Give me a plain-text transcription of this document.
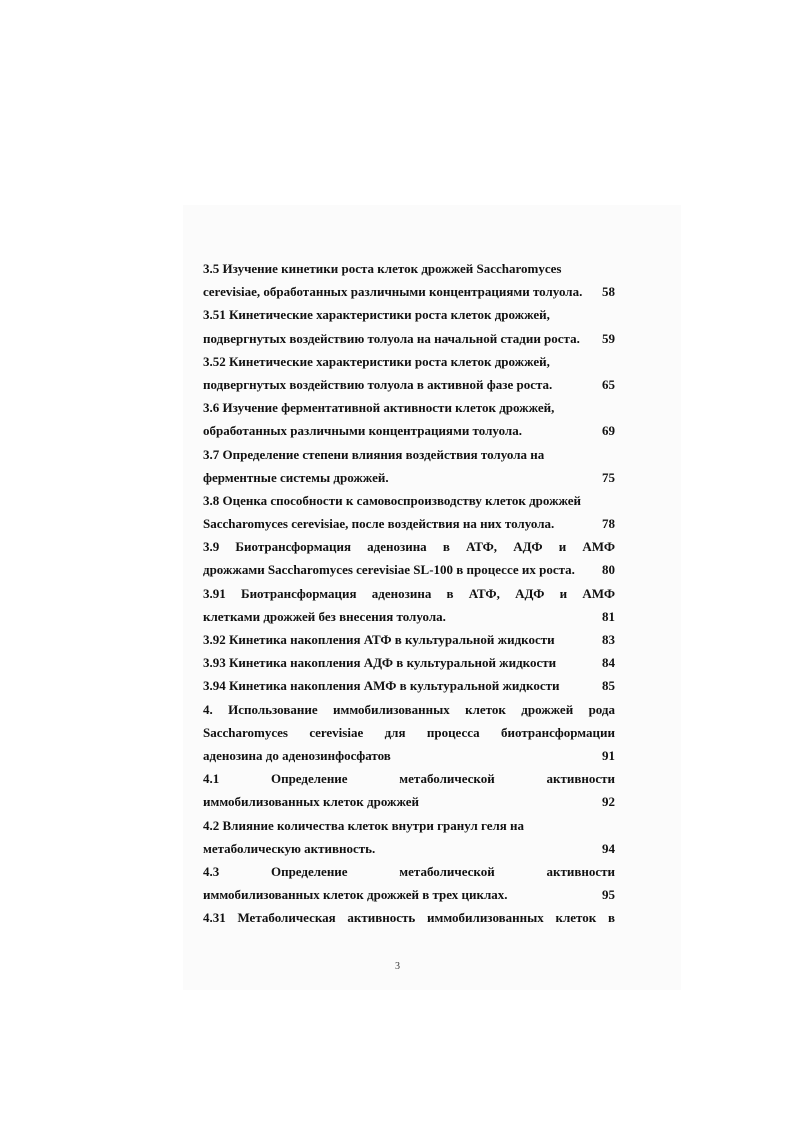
3.5 Изучение кинетики роста клеток дрожжей Saccharomyces
cerevisiae, обработанных различными концентрациями толуола. 58
3.51 Кинетические характеристики роста клеток дрожжей,
подвергнутых воздействию толуола на начальной стадии роста. 59
3.52 Кинетические характеристики роста клеток дрожжей,
подвергнутых воздействию толуола в активной фазе роста.	65
3.6 Изучение ферментативной активности клеток дрожжей,
обработанных различными концентрациями толуола.	69
3.7 Определение степени влияния воздействия толуола на
ферментные системы дрожжей.	75
3.8 Оценка способности к самовоспроизводству клеток дрожжей
Saccharomyces cerevisiae, после воздействия на них толуола.	78
3.9 Биотрансформация аденозина в АТФ, АДФ и АМФ
дрожжами Saccharomyces cerevisiae SL-100 в процессе их роста. 80
3.91 Биотрансформация аденозина в АТФ, АДФ и АМФ
клетками дрожжей без внесения толуола.	81
3.92 Кинетика накопления АТФ в культуральной жидкости	83
3.93 Кинетика накопления АДФ в культуральной жидкости	84
3.94 Кинетика накопления АМФ в культуральной жидкости	85
4. Использование иммобилизованных клеток дрожжей рода
Saccharomyces cerevisiae для процесса биотрансформации
аденозина до аденозинфосфатов	91
4.1 Определение метаболической активности
иммобилизованных клеток дрожжей	92
4.2 Влияние количества клеток внутри гранул геля на
метаболическую активность.	94
4.3 Определение метаболической активности
иммобилизованных клеток дрожжей в трех циклах.	95
4.31 Метаболическая активность иммобилизованных клеток в
3
